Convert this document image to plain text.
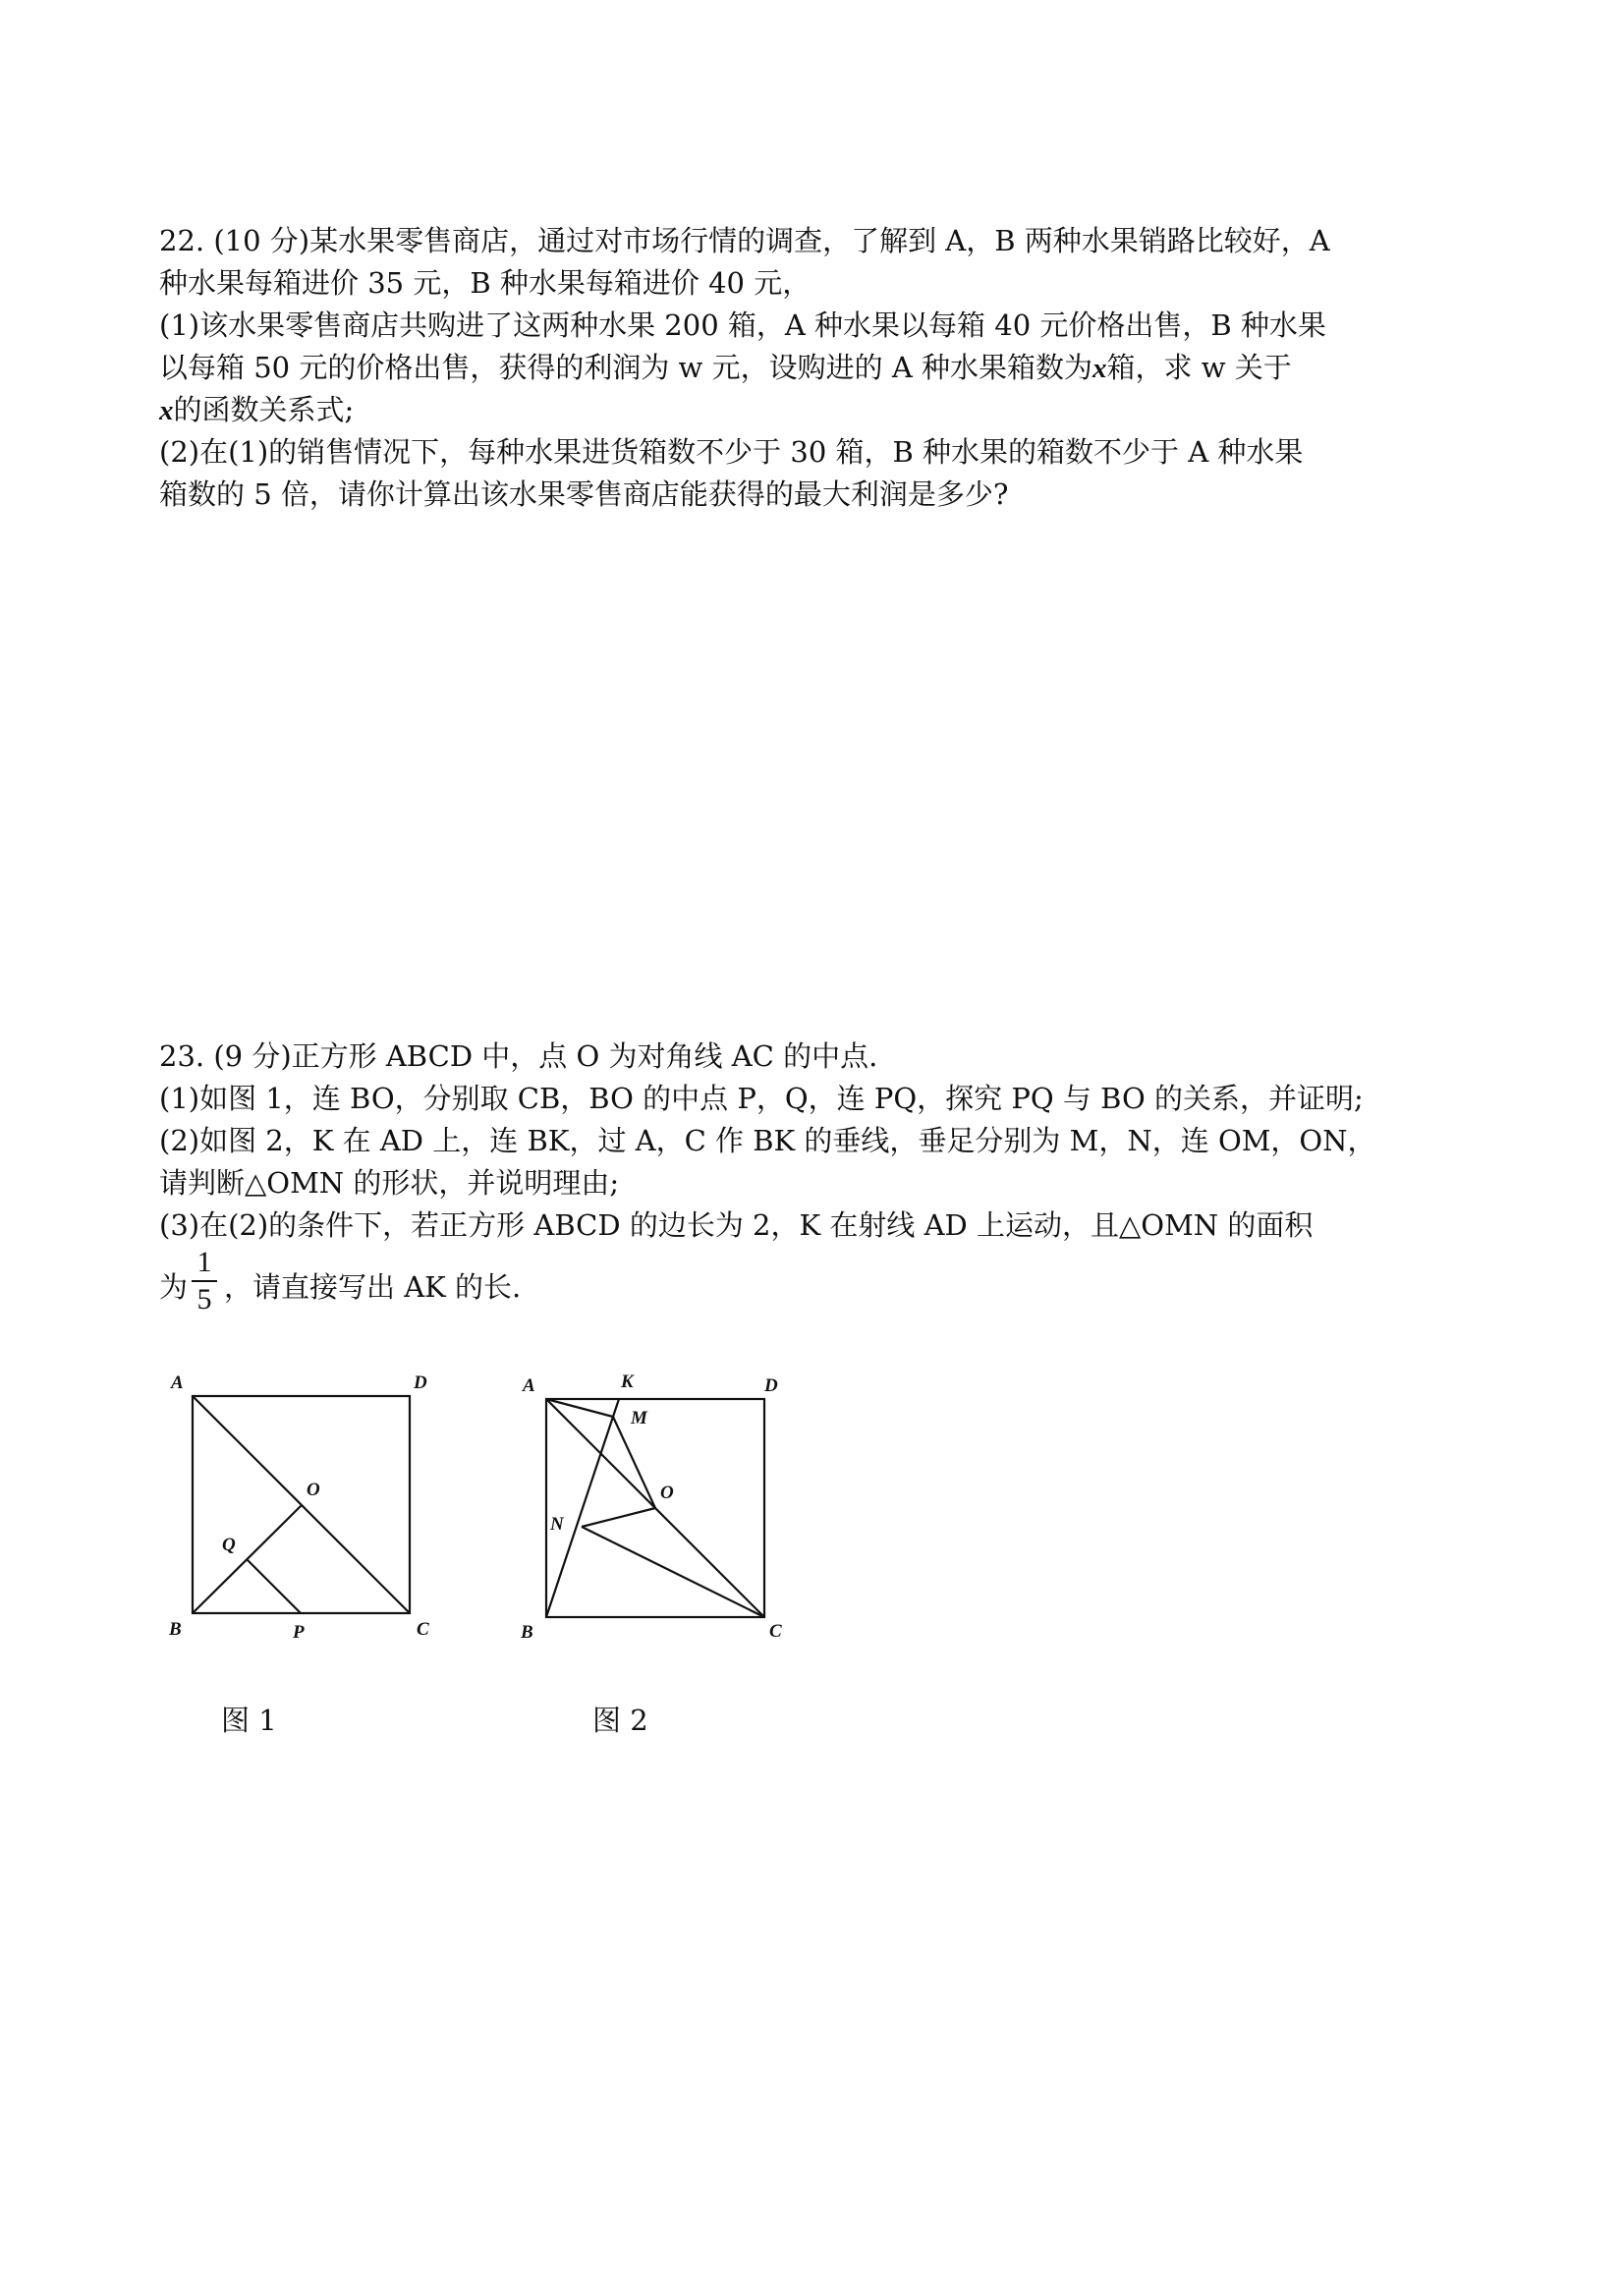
22. (10 分)某水果零售商店，通过对市场行情的调查，了解到 A，B 两种水果销路比较好，A
种水果每箱进价 35 元，B 种水果每箱进价 40 元，
(1)该水果零售商店共购进了这两种水果 200 箱，A 种水果以每箱 40 元价格出售，B 种水果
以每箱 50 元的价格出售，获得的利润为 w 元，设购进的 A 种水果箱数为x箱，求 w 关于
x的函数关系式;
(2)在(1)的销售情况下，每种水果进货箱数不少于 30 箱，B 种水果的箱数不少于 A 种水果
箱数的 5 倍，请你计算出该水果零售商店能获得的最大利润是多少?
23. (9 分)正方形 ABCD 中，点 O 为对角线 AC 的中点.
(1)如图 1，连 BO，分别取 CB，BO 的中点 P，Q，连 PQ，探究 PQ 与 BO 的关系，并证明;
(2)如图 2，K 在 AD 上，连 BK，过 A，C 作 BK 的垂线，垂足分别为 M，N，连 OM，ON，
请判断△OMN 的形状，并说明理由;
(3)在(2)的条件下，若正方形 ABCD 的边长为 2，K 在射线 AD 上运动，且△OMN 的面积
为
1
5 ，请直接写出 AK 的长.
A	D
O
Q
B	P	C
图 1
A	K	D
M
O
N
B	C
图 2
